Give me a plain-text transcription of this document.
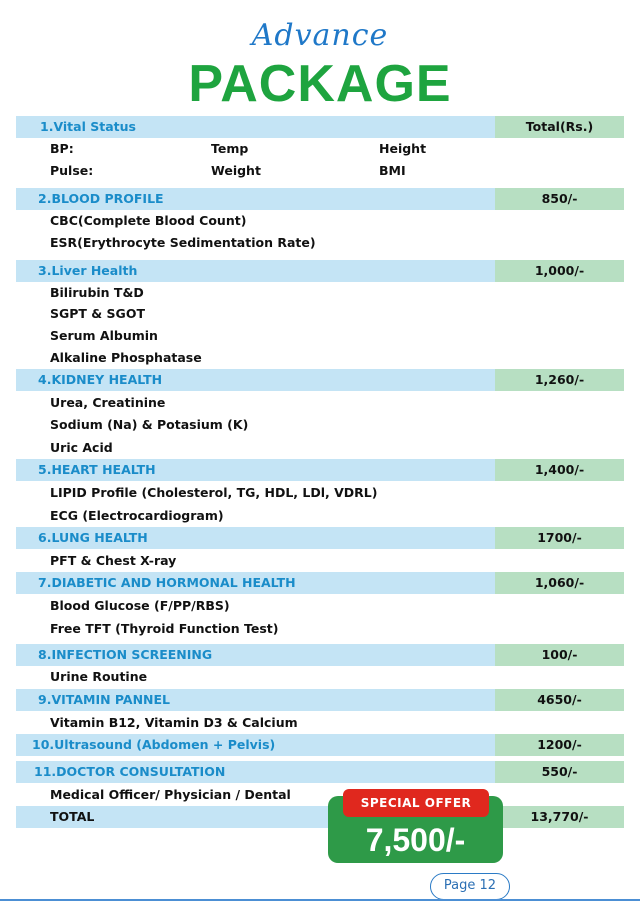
Advance
PACKAGE
1.Vital Status	Total(Rs.)
BP:	Temp	Height
Pulse:	Weight	BMI
2.BLOOD PROFILE	850/-
CBC(Complete Blood Count)
ESR(Erythrocyte Sedimentation Rate)
3.Liver Health	1,000/-
Bilirubin T&D
SGPT & SGOT
Serum Albumin
Alkaline Phosphatase
4.KIDNEY HEALTH	1,260/-
Urea, Creatinine
Sodium (Na) & Potasium (K)
Uric Acid
5.HEART HEALTH	1,400/-
LIPID Profile (Cholesterol, TG, HDL, LDl, VDRL)
ECG (Electrocardiogram)
6.LUNG HEALTH	1700/-
PFT & Chest X-ray
7.DIABETIC AND HORMONAL HEALTH	1,060/-
Blood Glucose (F/PP/RBS)
Free TFT (Thyroid Function Test)
8.INFECTION SCREENING	100/-
Urine Routine
9.VITAMIN PANNEL	4650/-
Vitamin B12, Vitamin D3 & Calcium
10.Ultrasound (Abdomen + Pelvis)	1200/-
11.DOCTOR CONSULTATION	550/-
Medical Officer/ Physician / Dental
TOTAL	13,770/-
SPECIAL OFFER
7,500/-
Page 12
